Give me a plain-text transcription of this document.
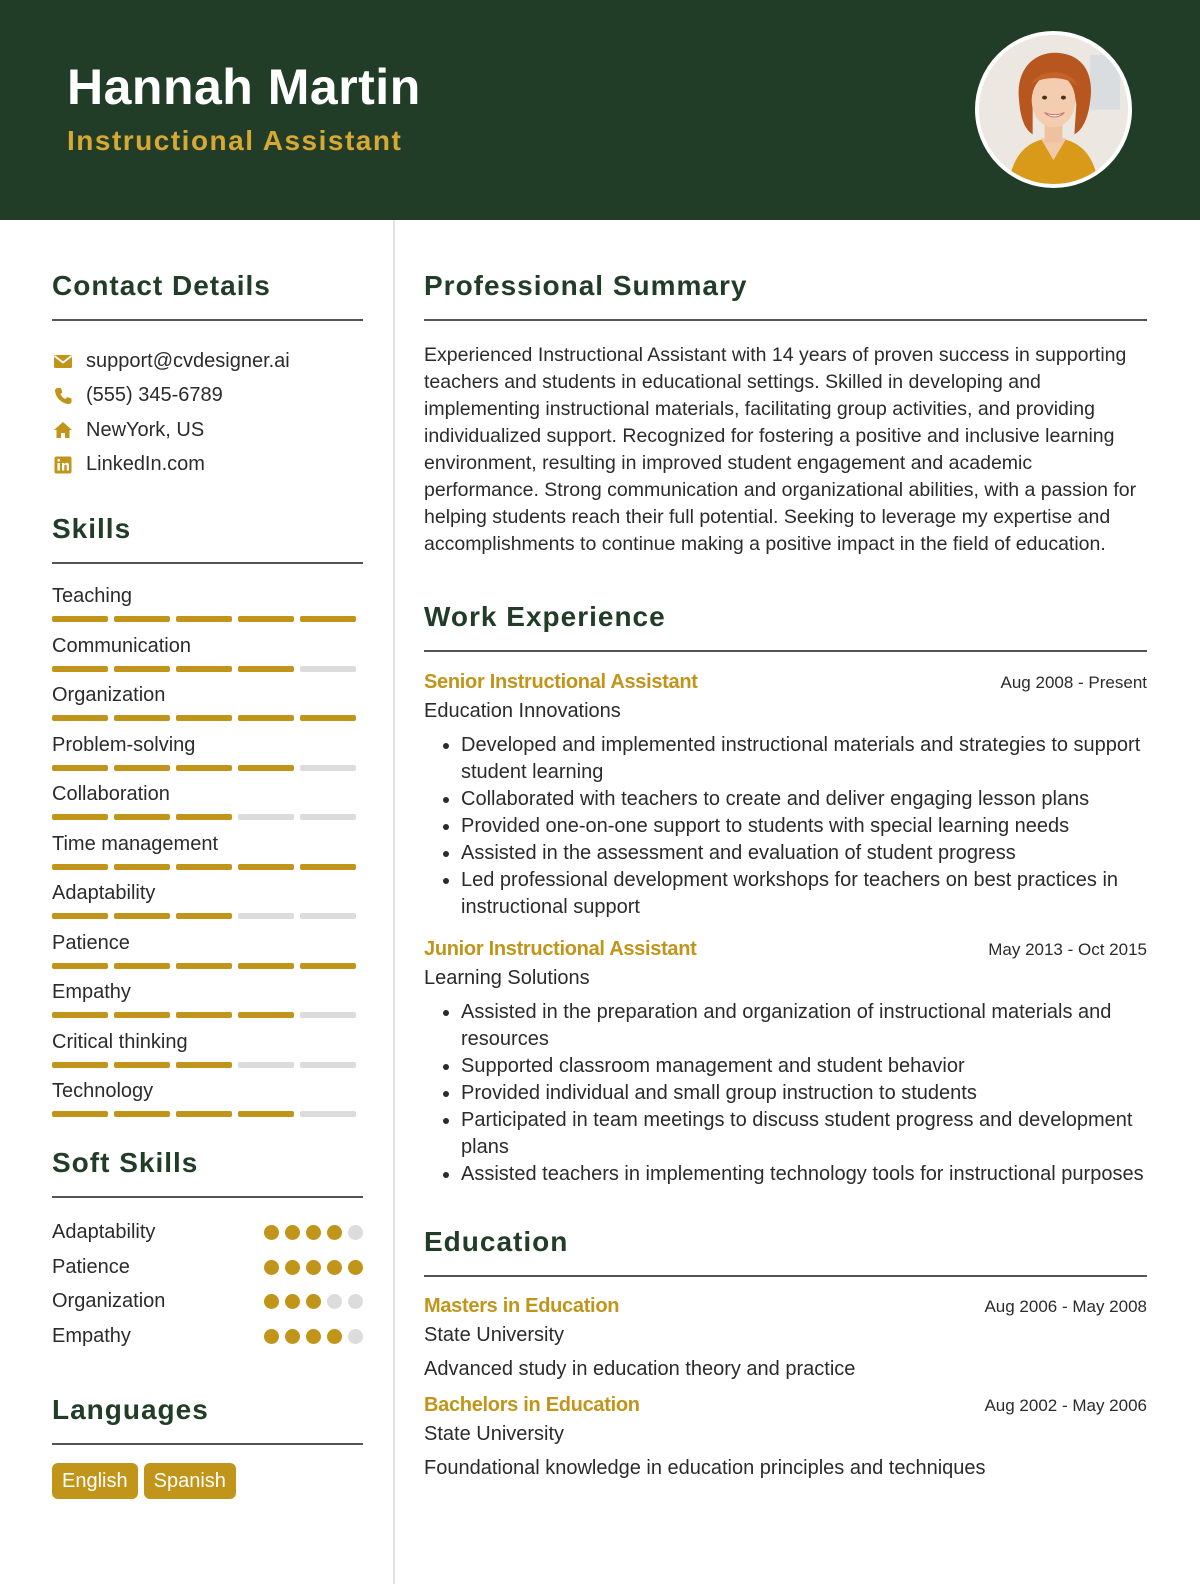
Hannah Martin
Instructional Assistant
Contact Details
support@cvdesigner.ai
(555) 345-6789
NewYork, US
LinkedIn.com
Skills
Teaching
Communication
Organization
Problem-solving
Collaboration
Time management
Adaptability
Patience
Empathy
Critical thinking
Technology
Soft Skills
Adaptability
Patience
Organization
Empathy
Languages
English	Spanish
Professional Summary

Experienced Instructional Assistant with 14 years of proven success in supporting teachers and students in educational settings. Skilled in developing and implementing instructional materials, facilitating group activities, and providing individualized support. Recognized for fostering a positive and inclusive learning environment, resulting in improved student engagement and academic performance. Strong communication and organizational abilities, with a passion for helping students reach their full potential. Seeking to leverage my expertise and accomplishments to continue making a positive impact in the field of education.

Work Experience
Senior Instructional Assistant	Aug 2008 - Present
Education Innovations
• Developed and implemented instructional materials and strategies to support student learning
• Collaborated with teachers to create and deliver engaging lesson plans
• Provided one-on-one support to students with special learning needs
• Assisted in the assessment and evaluation of student progress
• Led professional development workshops for teachers on best practices in instructional support
Junior Instructional Assistant	May 2013 - Oct 2015
Learning Solutions
• Assisted in the preparation and organization of instructional materials and resources
• Supported classroom management and student behavior
• Provided individual and small group instruction to students
• Participated in team meetings to discuss student progress and development plans
• Assisted teachers in implementing technology tools for instructional purposes
Education
Masters in Education	Aug 2006 - May 2008
State University
Advanced study in education theory and practice
Bachelors in Education	Aug 2002 - May 2006
State University
Foundational knowledge in education principles and techniques
